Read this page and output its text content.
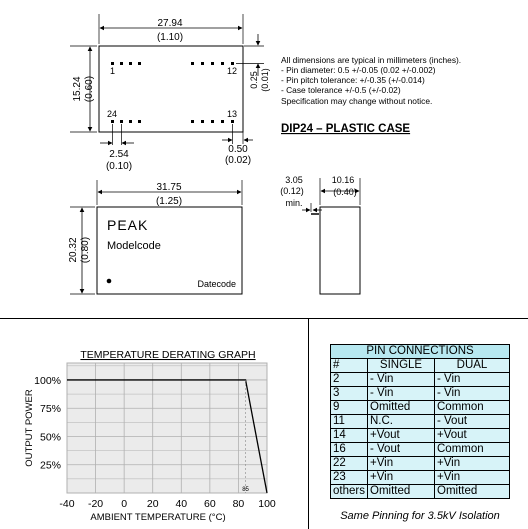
27.94
(1.10)
15.24 (0.60)
1	12
24	13
2.54
(0.10)
0.50
(0.02)
0.25 (0.01)
All dimensions are typical in millimeters (inches).
- Pin diameter: 0.5 +/-0.05 (0.02 +/-0.002)
- Pin pitch tolerance: +/-0.35 (+/-0.014)
- Case tolerance +/-0.5 (+/-0.02)
Specification may change without notice.
DIP24 – PLASTIC CASE
31.75
(1.25)
20.32 (0.80)
PEAK
Modelcode
Datecode
10.16
(0.40)
3.05
(0.12)
min.
TEMPERATURE DERATING GRAPH
-40 -20 0 20 40 60 80 100
25%
50%
75%
100%
85
AMBIENT TEMPERATURE (°C)
OUTPUT POWER
PIN CONNECTIONS		
#	SINGLE	DUAL
2	- Vin	- Vin
3	- Vin	- Vin
9	Omitted	Common
11	N.C.	- Vout
14	+Vout	+Vout
16	- Vout	Common
22	+Vin	+Vin
23	+Vin	+Vin
others	Omitted	Omitted
Same Pinning for 3.5kV Isolation
